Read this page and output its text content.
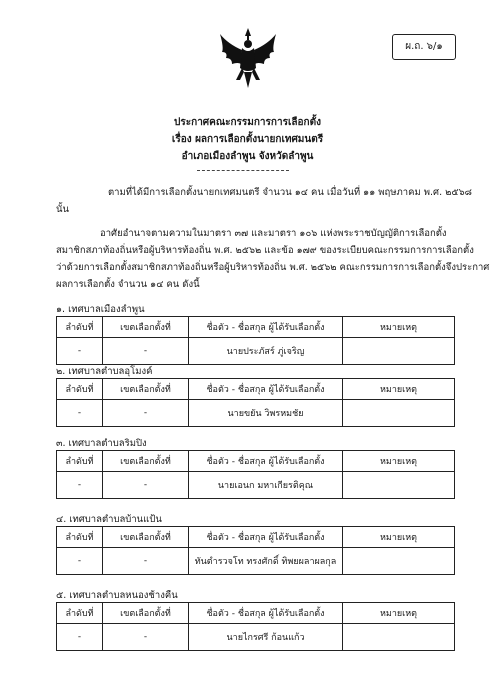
ผ.ถ. ๖/๑
ประกาศคณะกรรมการการเลือกตั้ง
เรื่อง ผลการเลือกตั้งนายกเทศมนตรี
อำเภอเมืองลำพูน จังหวัดลำพูน
ตามที่ได้มีการเลือกตั้งนายกเทศมนตรี จำนวน ๑๔ คน เมื่อวันที่ ๑๑ พฤษภาคม พ.ศ. ๒๕๖๘
นั้น
อาศัยอำนาจตามความในมาตรา ๓๗ และมาตรา ๑๐๖ แห่งพระราชบัญญัติการเลือกตั้ง
สมาชิกสภาท้องถิ่นหรือผู้บริหารท้องถิ่น พ.ศ. ๒๕๖๒ และข้อ ๑๗๙ ของระเบียบคณะกรรมการการเลือกตั้ง
ว่าด้วยการเลือกตั้งสมาชิกสภาท้องถิ่นหรือผู้บริหารท้องถิ่น พ.ศ. ๒๕๖๒ คณะกรรมการการเลือกตั้งจึงประกาศ
ผลการเลือกตั้ง จำนวน ๑๔ คน ดังนี้
๑. เทศบาลเมืองลำพูน
ลำดับที่	เขตเลือกตั้งที่	ชื่อตัว - ชื่อสกุล ผู้ได้รับเลือกตั้ง	หมายเหตุ
-	-	นายประภัสร์ ภู่เจริญ	
๒. เทศบาลตำบลอุโมงค์
ลำดับที่	เขตเลือกตั้งที่	ชื่อตัว - ชื่อสกุล ผู้ได้รับเลือกตั้ง	หมายเหตุ
-	-	นายขยัน วิพรหมชัย	
๓. เทศบาลตำบลริมปิง
ลำดับที่	เขตเลือกตั้งที่	ชื่อตัว - ชื่อสกุล ผู้ได้รับเลือกตั้ง	หมายเหตุ
-	-	นายเอนก มหาเกียรติคุณ	
๔. เทศบาลตำบลบ้านแป้น
ลำดับที่	เขตเลือกตั้งที่	ชื่อตัว - ชื่อสกุล ผู้ได้รับเลือกตั้ง	หมายเหตุ
-	-	ทันตำรวจโท ทรงศักดิ์ ทิพยผลาผลกุล	
๕. เทศบาลตำบลหนองช้างคืน
ลำดับที่	เขตเลือกตั้งที่	ชื่อตัว - ชื่อสกุล ผู้ได้รับเลือกตั้ง	หมายเหตุ
-	-	นายไกรศรี ก้อนแก้ว	
